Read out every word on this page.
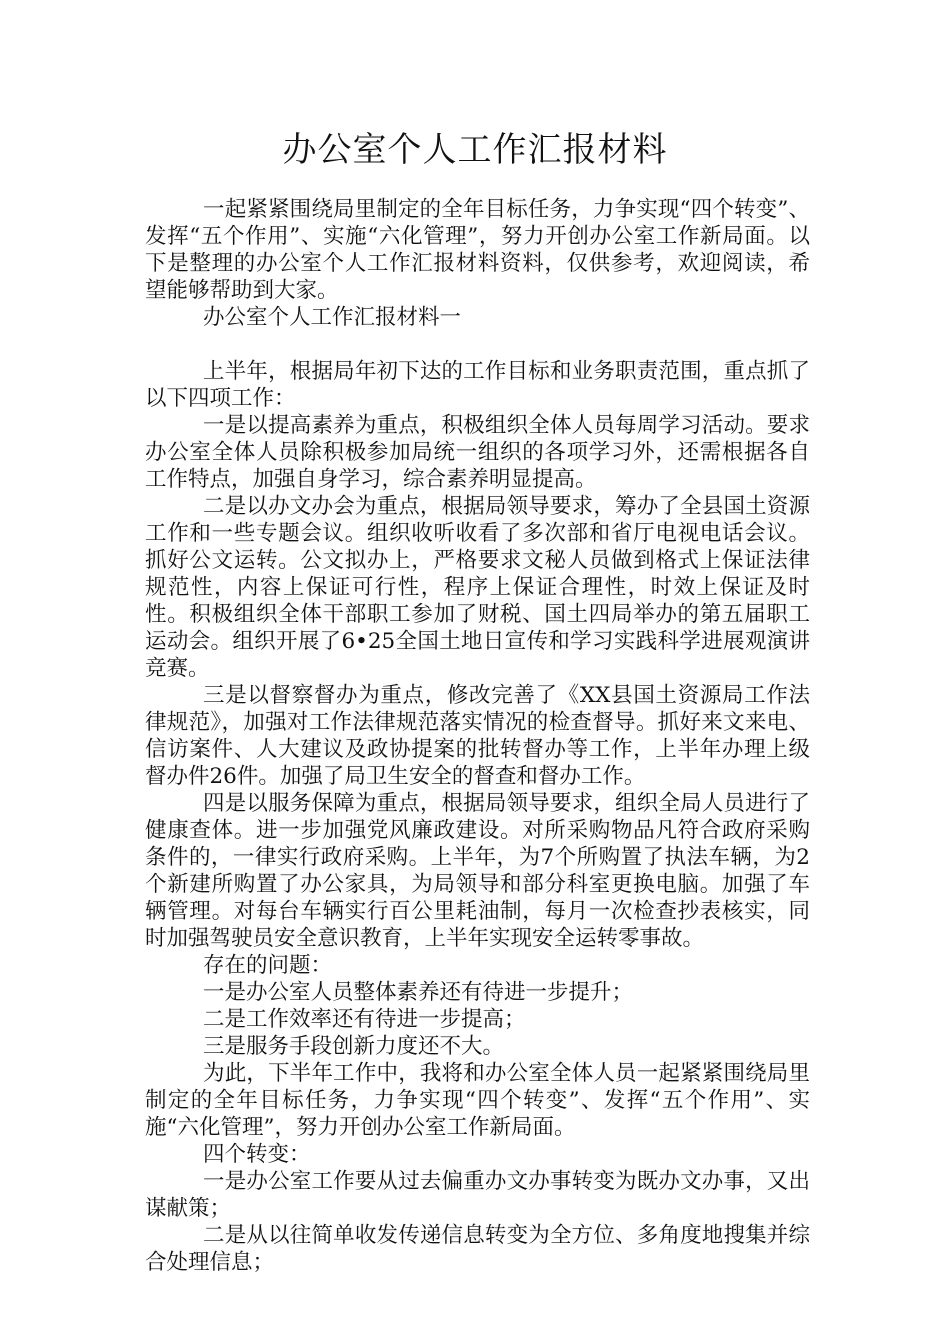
办公室个人工作汇报材料

一起紧紧围绕局里制定的全年目标任务，力争实现“四个转变”、发挥“五个作用”、实施“六化管理”，努力开创办公室工作新局面。以下是整理的办公室个人工作汇报材料资料，仅供参考，欢迎阅读，希望能够帮助到大家。

办公室个人工作汇报材料一

上半年，根据局年初下达的工作目标和业务职责范围，重点抓了以下四项工作：

一是以提高素养为重点，积极组织全体人员每周学习活动。要求办公室全体人员除积极参加局统一组织的各项学习外，还需根据各自工作特点，加强自身学习，综合素养明显提高。

二是以办文办会为重点，根据局领导要求，筹办了全县国土资源工作和一些专题会议。组织收听收看了多次部和省厅电视电话会议。抓好公文运转。公文拟办上，严格要求文秘人员做到格式上保证法律规范性，内容上保证可行性，程序上保证合理性，时效上保证及时性。积极组织全体干部职工参加了财税、国土四局举办的第五届职工运动会。组织开展了6•25全国土地日宣传和学习实践科学进展观演讲竞赛。

三是以督察督办为重点，修改完善了《XX县国土资源局工作法律规范》，加强对工作法律规范落实情况的检查督导。抓好来文来电、信访案件、人大建议及政协提案的批转督办等工作，上半年办理上级督办件26件。加强了局卫生安全的督查和督办工作。

四是以服务保障为重点，根据局领导要求，组织全局人员进行了健康查体。进一步加强党风廉政建设。对所采购物品凡符合政府采购条件的，一律实行政府采购。上半年，为7个所购置了执法车辆，为2个新建所购置了办公家具，为局领导和部分科室更换电脑。加强了车辆管理。对每台车辆实行百公里耗油制，每月一次检查抄表核实，同时加强驾驶员安全意识教育，上半年实现安全运转零事故。

存在的问题：

一是办公室人员整体素养还有待进一步提升；

二是工作效率还有待进一步提高；

三是服务手段创新力度还不大。

为此，下半年工作中，我将和办公室全体人员一起紧紧围绕局里制定的全年目标任务，力争实现“四个转变”、发挥“五个作用”、实施“六化管理”，努力开创办公室工作新局面。

四个转变：

一是办公室工作要从过去偏重办文办事转变为既办文办事，又出谋献策；

二是从以往简单收发传递信息转变为全方位、多角度地搜集并综合处理信息；
